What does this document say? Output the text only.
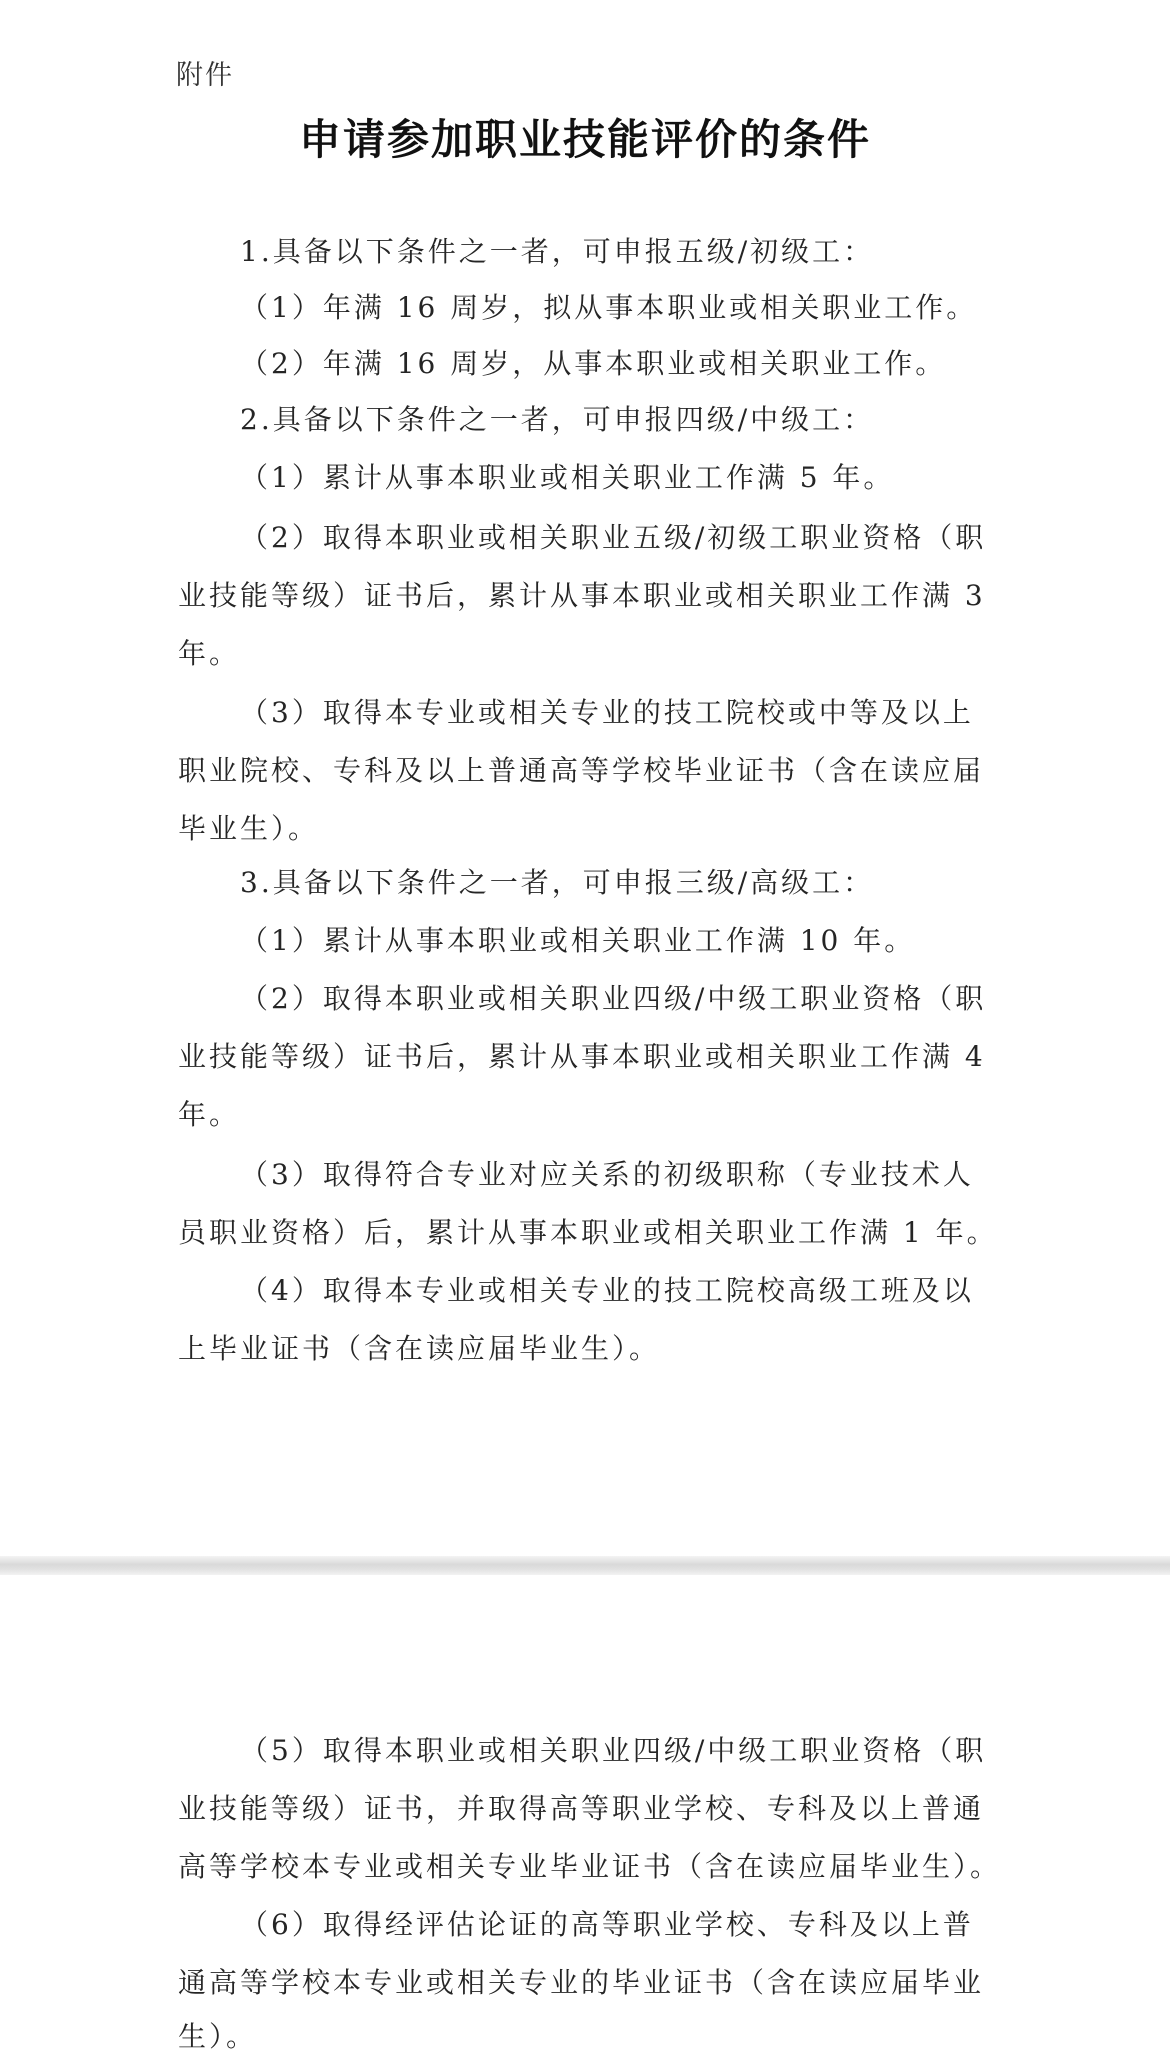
附件
申请参加职业技能评价的条件

1.具备以下条件之一者，可申报五级/初级工：

（1）年满 16 周岁，拟从事本职业或相关职业工作。

（2）年满 16 周岁，从事本职业或相关职业工作。

2.具备以下条件之一者，可申报四级/中级工：

（1）累计从事本职业或相关职业工作满 5 年。

（2）取得本职业或相关职业五级/初级工职业资格（职

业技能等级）证书后，累计从事本职业或相关职业工作满 3

年。

（3）取得本专业或相关专业的技工院校或中等及以上

职业院校、专科及以上普通高等学校毕业证书（含在读应届

毕业生）。

3.具备以下条件之一者，可申报三级/高级工：

（1）累计从事本职业或相关职业工作满 10 年。

（2）取得本职业或相关职业四级/中级工职业资格（职

业技能等级）证书后，累计从事本职业或相关职业工作满 4

年。

（3）取得符合专业对应关系的初级职称（专业技术人

员职业资格）后，累计从事本职业或相关职业工作满 1 年。

（4）取得本专业或相关专业的技工院校高级工班及以

上毕业证书（含在读应届毕业生）。

（5）取得本职业或相关职业四级/中级工职业资格（职

业技能等级）证书，并取得高等职业学校、专科及以上普通

高等学校本专业或相关专业毕业证书（含在读应届毕业生）。

（6）取得经评估论证的高等职业学校、专科及以上普

通高等学校本专业或相关专业的毕业证书（含在读应届毕业

生）。
